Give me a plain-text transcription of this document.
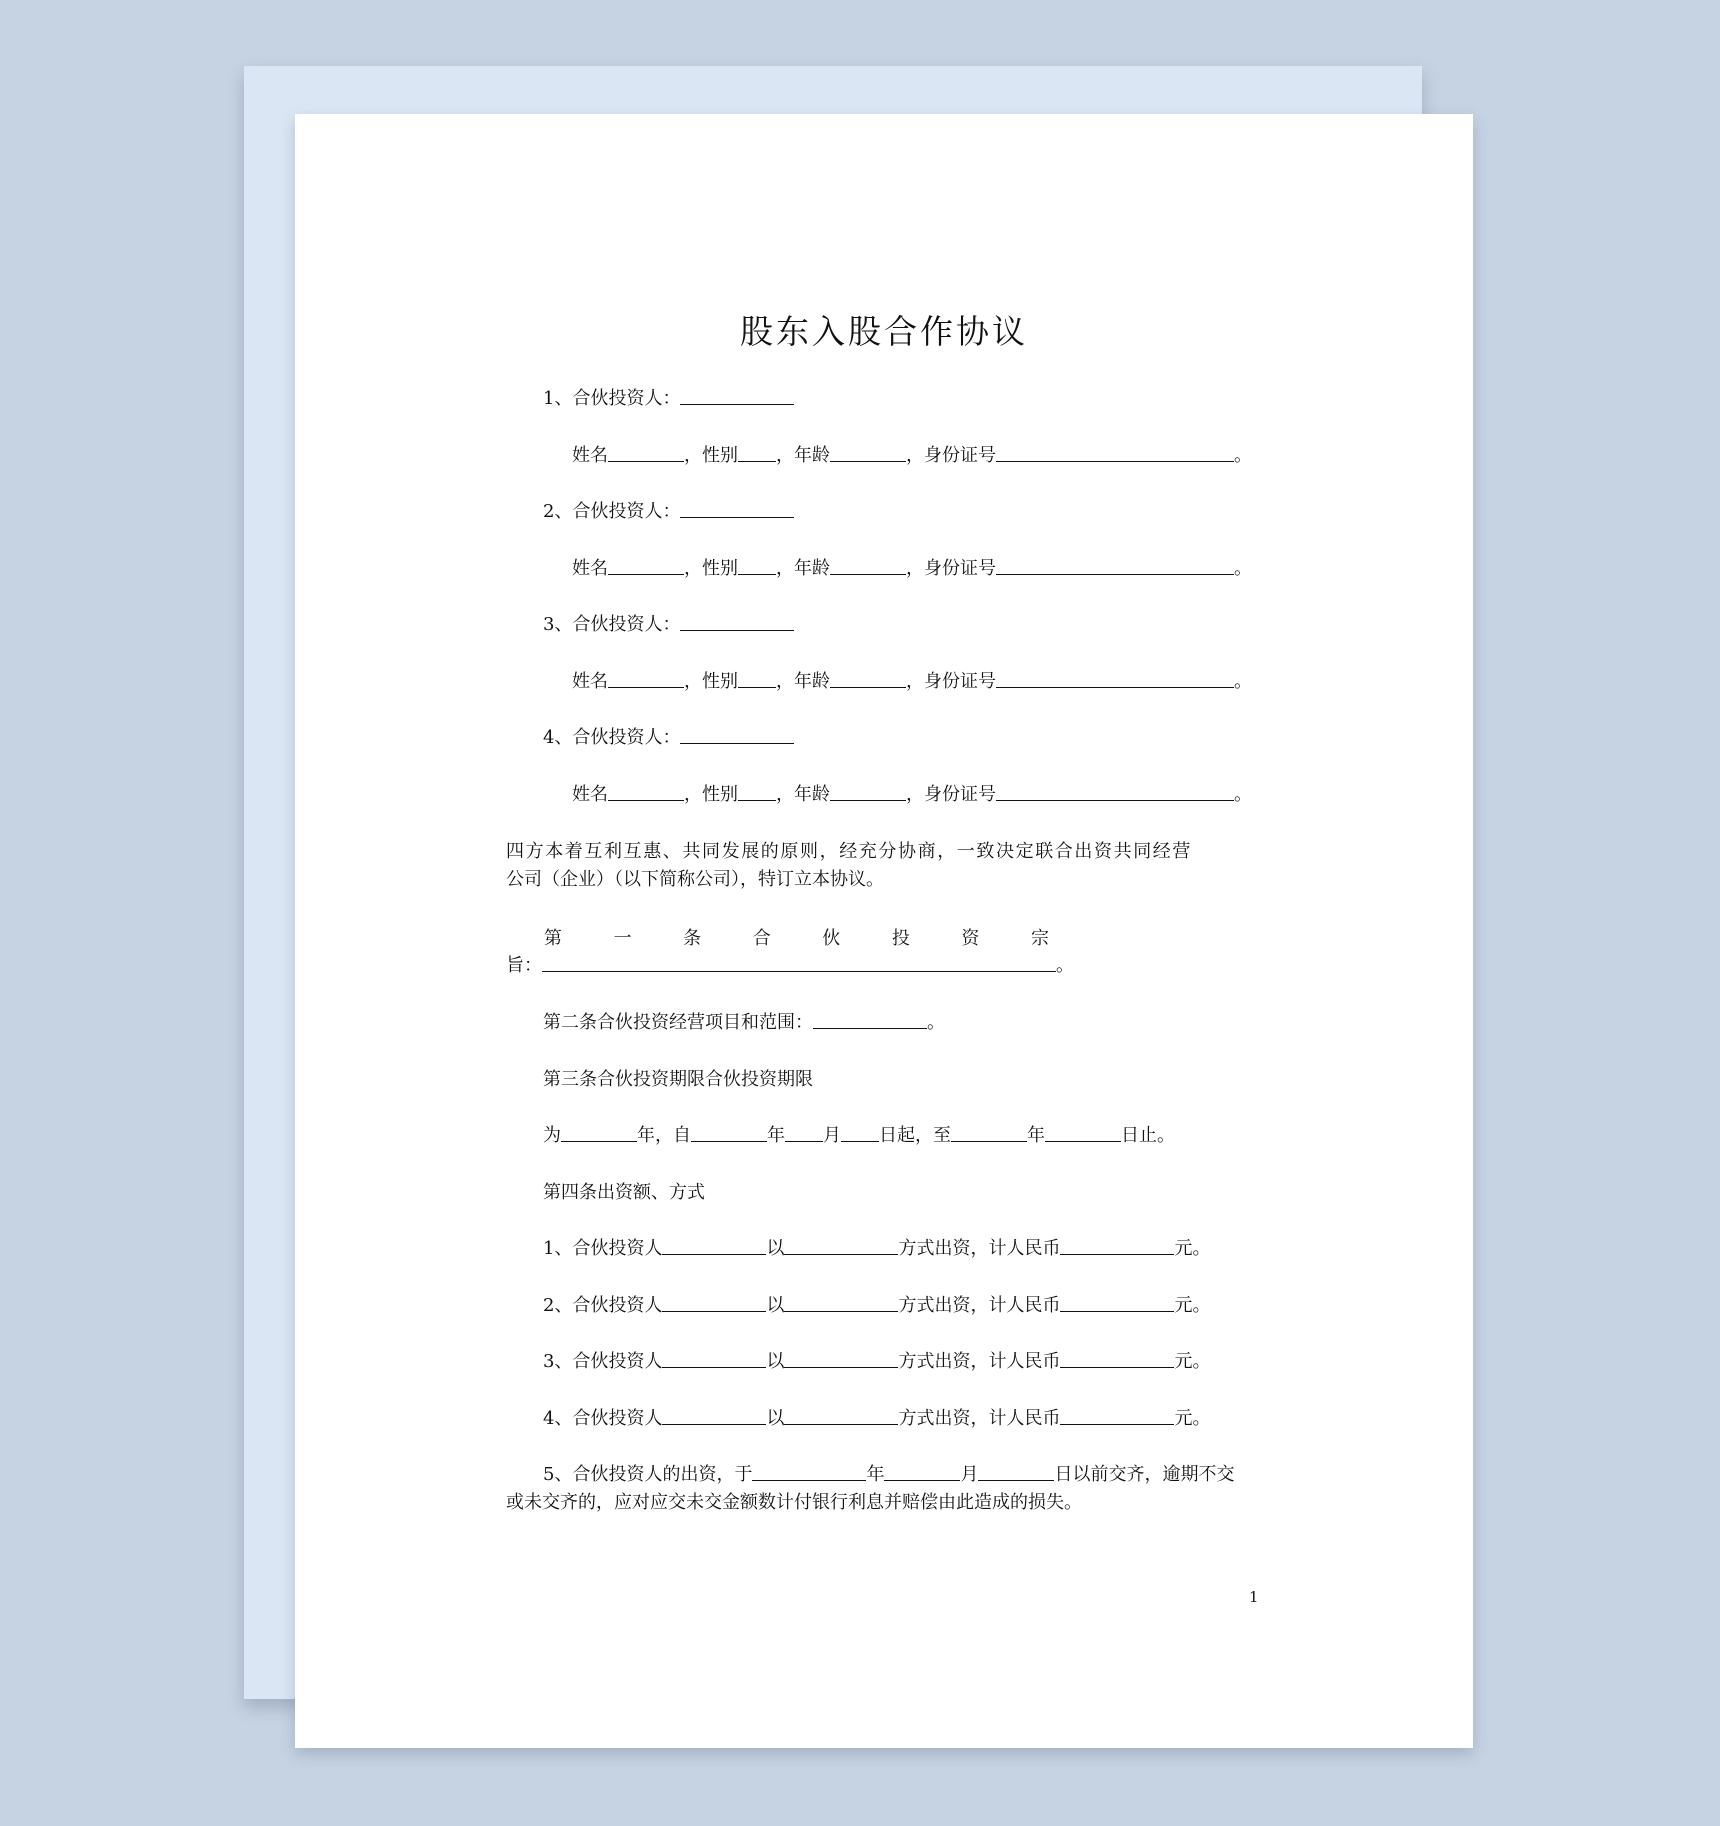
股东入股合作协议
1、合伙投资人：
姓名	，性别 ，年龄	，身份证号	。
2、合伙投资人：
姓名	，性别 ，年龄	，身份证号	。
3、合伙投资人：
姓名	，性别 ，年龄	，身份证号	。
4、合伙投资人：
姓名	，性别 ，年龄	，身份证号	。
四方本着互利互惠、共同发展的原则，经充分协商，一致决定联合出资共同经营
公司（企业）（以下简称公司），特订立本协议。
第	一	条	合	伙	投	资	宗
旨：	。
第二条合伙投资经营项目和范围：	。
第三条合伙投资期限合伙投资期限
为	年，自	年 月 日起，至	年	日止。
第四条出资额、方式
1、合伙投资人	以	方式出资，计人民币	元。
2、合伙投资人	以	方式出资，计人民币	元。
3、合伙投资人	以	方式出资，计人民币	元。
4、合伙投资人	以	方式出资，计人民币	元。
5、合伙投资人的出资，于	年	月	日以前交齐，逾期不交
或未交齐的，应对应交未交金额数计付银行利息并赔偿由此造成的损失。
1
